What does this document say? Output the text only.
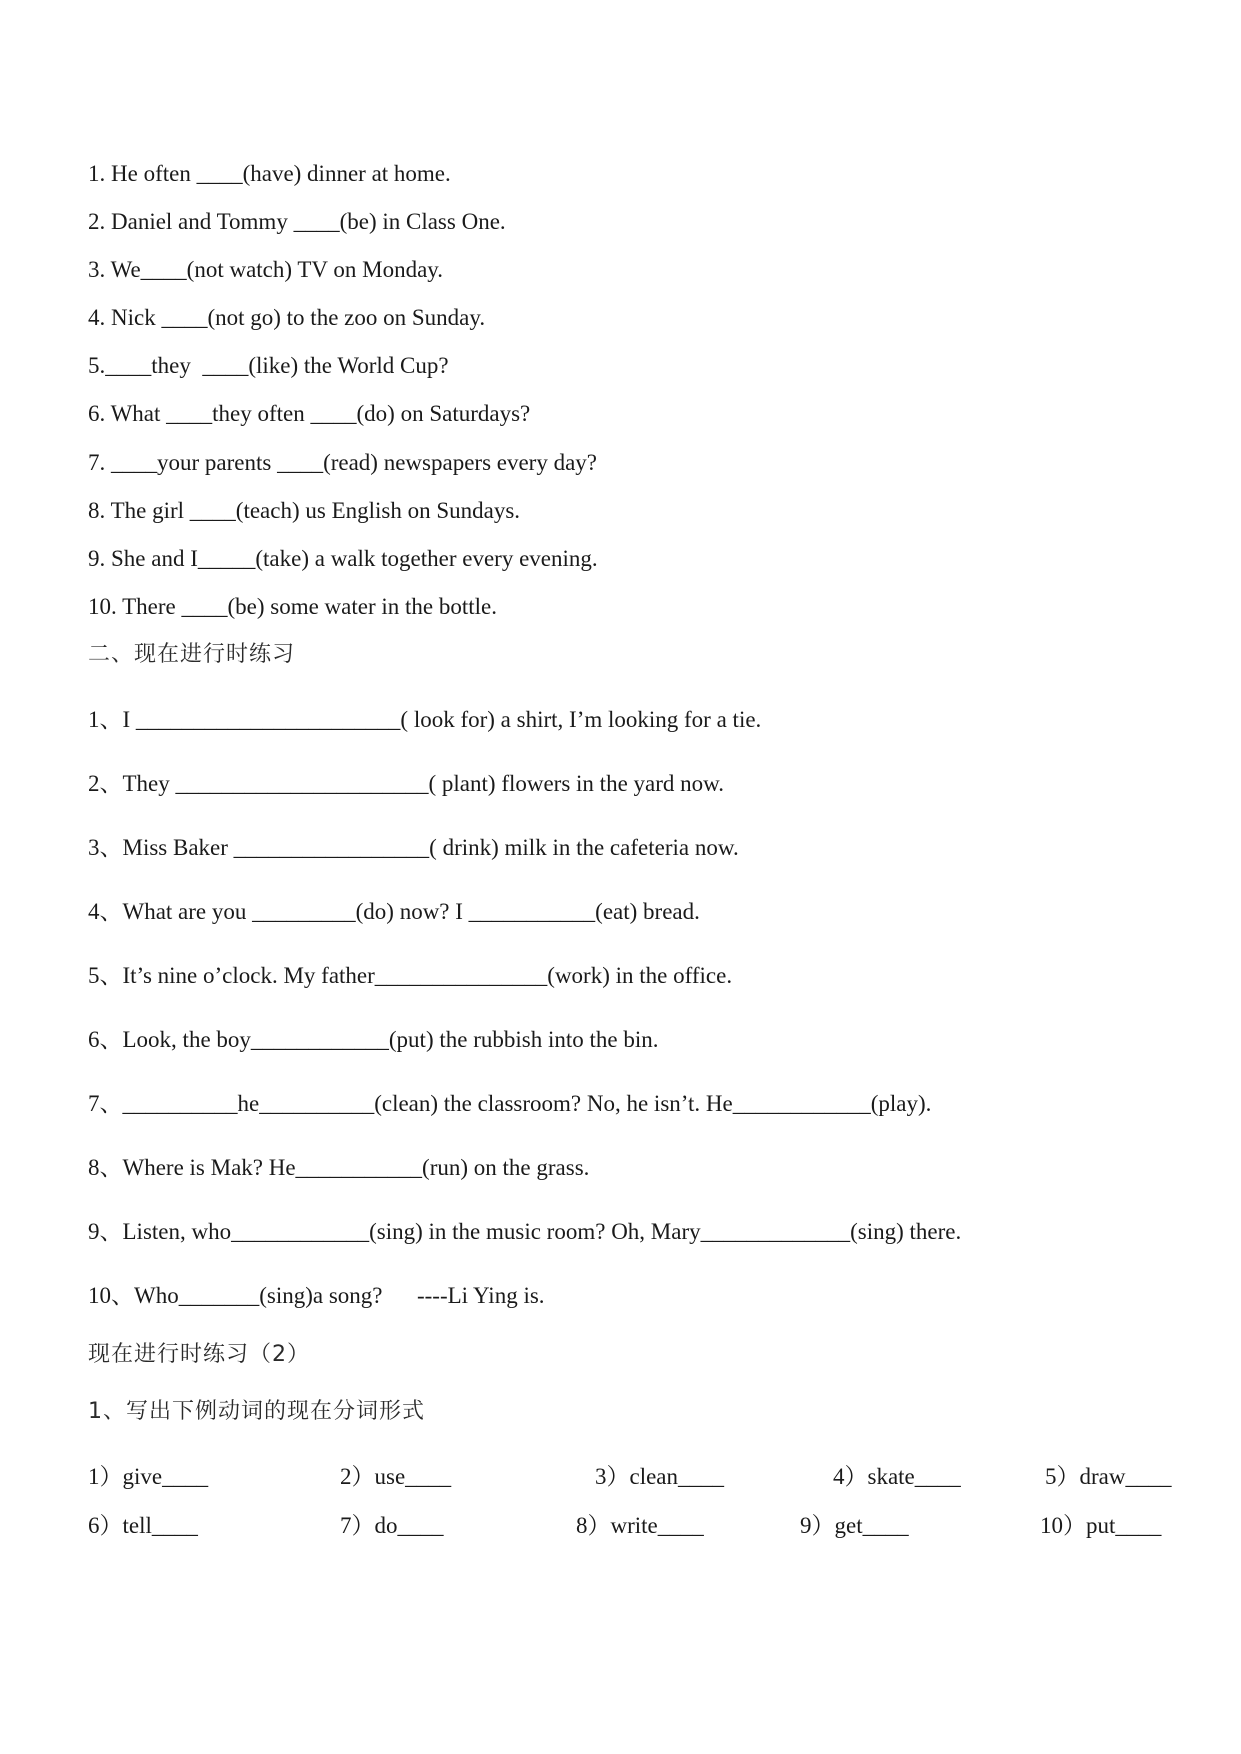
1. He often ____(have) dinner at home.
2. Daniel and Tommy ____(be) in Class One.
3. We____(not watch) TV on Monday.
4. Nick ____(not go) to the zoo on Sunday.
5.____they  ____(like) the World Cup?
6. What ____they often ____(do) on Saturdays?
7. ____your parents ____(read) newspapers every day?
8. The girl ____(teach) us English on Sundays.
9. She and I_____(take) a walk together every evening.
10. There ____(be) some water in the bottle.
二、现在进行时练习
1、I _______________________( look for) a shirt, I’m looking for a tie.
2、They ______________________( plant) flowers in the yard now.
3、Miss Baker _________________( drink) milk in the cafeteria now.
4、What are you _________(do) now? I ___________(eat) bread.
5、It’s nine o’clock. My father_______________(work) in the office.
6、Look, the boy____________(put) the rubbish into the bin.
7、__________he__________(clean) the classroom? No, he isn’t. He____________(play).
8、Where is Mak? He___________(run) on the grass.
9、Listen, who____________(sing) in the music room? Oh, Mary_____________(sing) there.
10、Who_______(sing)a song?      ----Li Ying is.
现在进行时练习（2）
1、写出下例动词的现在分词形式
1）give____	2）use____	3）clean____	4）skate____	5）draw____
6）tell____	7）do____	8）write____	9）get____	10）put____
